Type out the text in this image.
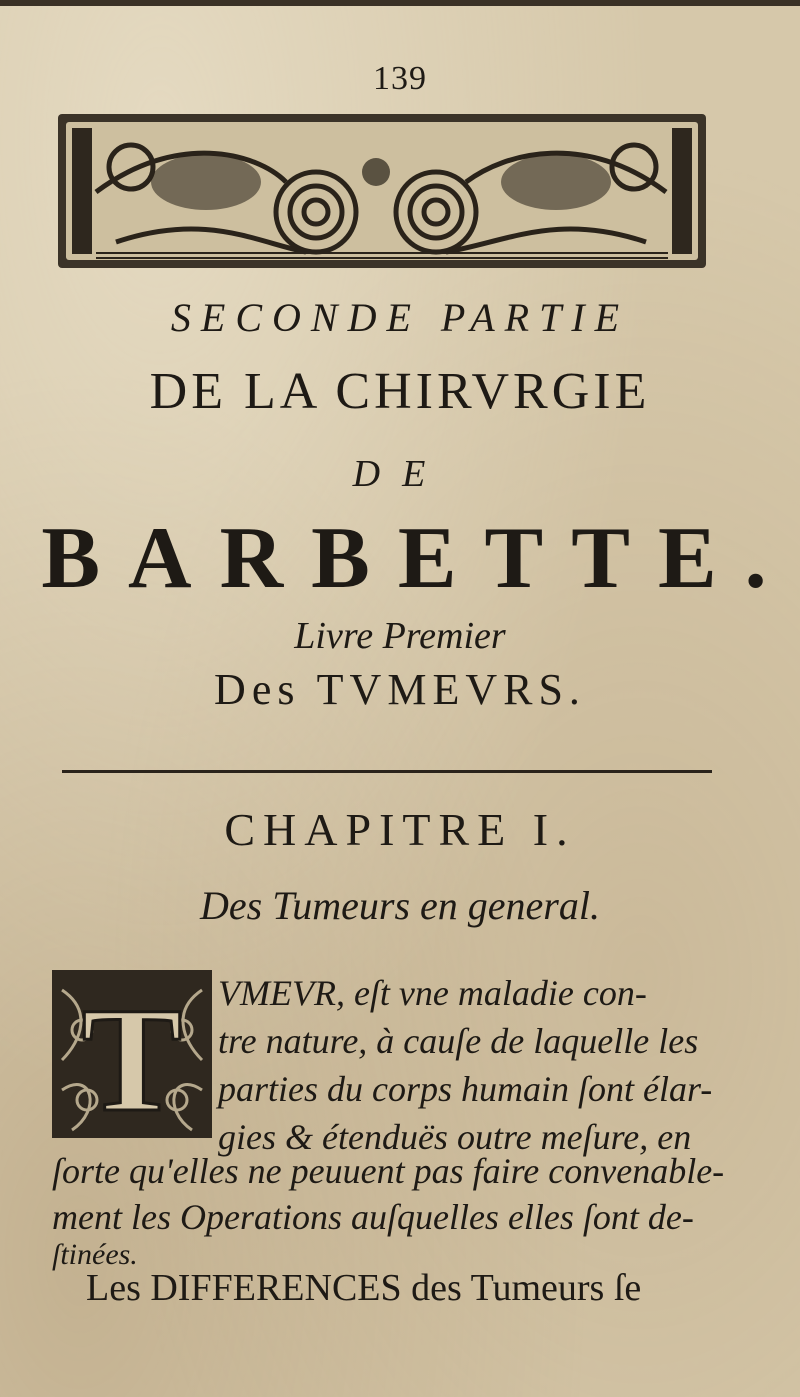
139
SECONDE PARTIE
DE LA CHIRVRGIE
DE
BARBETTE.
Livre Premier
Des TVMEVRS.
CHAPITRE I.
Des Tumeurs en general.
T VMEVR, eſt vne maladie con-
tre nature, à cauſe de laquelle les
parties du corps humain ſont élar-
gies & étenduës outre meſure, en
ſorte qu'elles ne peuuent pas faire convenable-
ment les Operations auſquelles elles ſont de-
ſtinées.
Les DIFFERENCES des Tumeurs ſe
